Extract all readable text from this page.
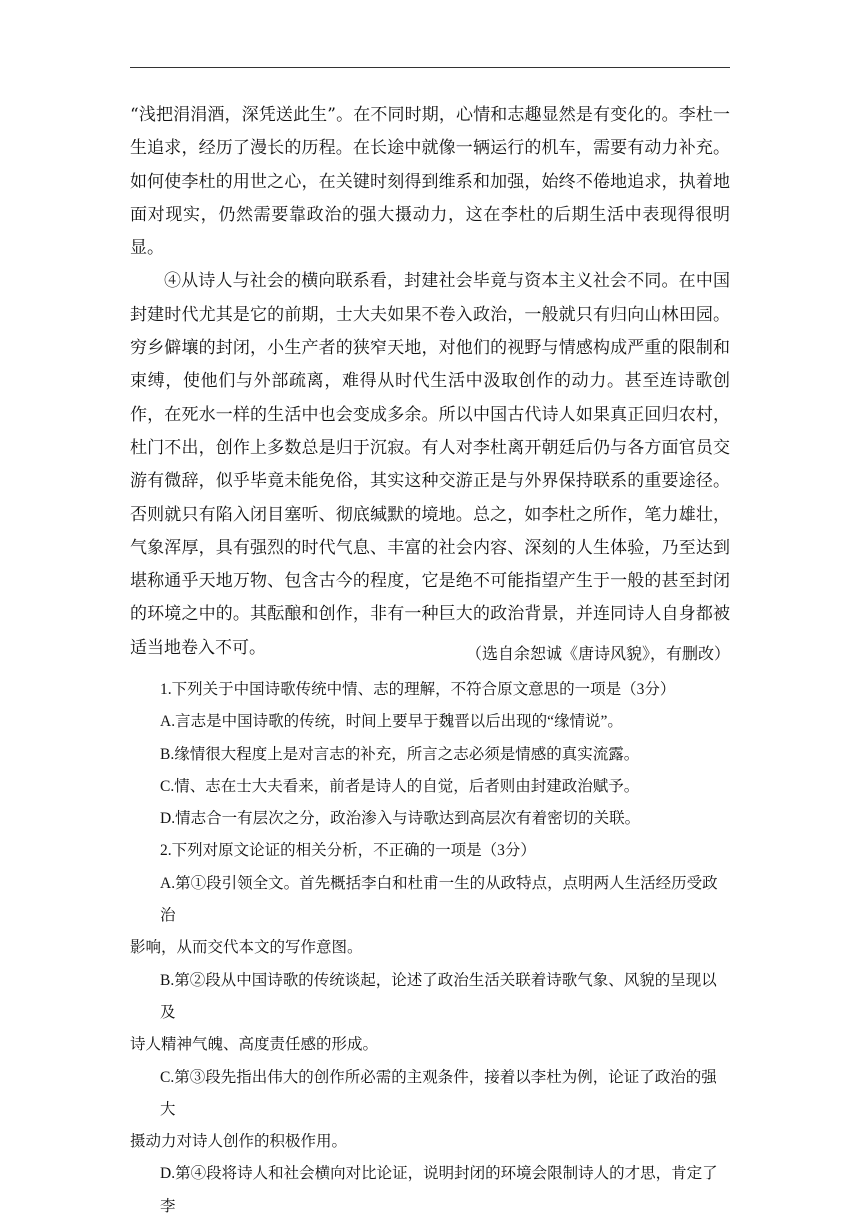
“浅把涓涓酒，深凭送此生”。在不同时期，心情和志趣显然是有变化的。李杜一生追求，经历了漫长的历程。在长途中就像一辆运行的机车，需要有动力补充。如何使李杜的用世之心，在关键时刻得到维系和加强，始终不倦地追求，执着地面对现实，仍然需要靠政治的强大摄动力，这在李杜的后期生活中表现得很明显。

④从诗人与社会的横向联系看，封建社会毕竟与资本主义社会不同。在中国封建时代尤其是它的前期，士大夫如果不卷入政治，一般就只有归向山林田园。穷乡僻壤的封闭，小生产者的狭窄天地，对他们的视野与情感构成严重的限制和束缚，使他们与外部疏离，难得从时代生活中汲取创作的动力。甚至连诗歌创作，在死水一样的生活中也会变成多余。所以中国古代诗人如果真正回归农村，杜门不出，创作上多数总是归于沉寂。有人对李杜离开朝廷后仍与各方面官员交游有微辞，似乎毕竟未能免俗，其实这种交游正是与外界保持联系的重要途径。否则就只有陷入闭目塞听、彻底缄默的境地。总之，如李杜之所作，笔力雄壮，气象浑厚，具有强烈的时代气息、丰富的社会内容、深刻的人生体验，乃至达到堪称通乎天地万物、包含古今的程度，它是绝不可能指望产生于一般的甚至封闭的环境之中的。其酝酿和创作，非有一种巨大的政治背景，并连同诗人自身都被适当地卷入不可。	（选自余恕诚《唐诗风貌》，有删改）

1.下列关于中国诗歌传统中情、志的理解，不符合原文意思的一项是（3分）

A.言志是中国诗歌的传统，时间上要早于魏晋以后出现的“缘情说”。

B.缘情很大程度上是对言志的补充，所言之志必须是情感的真实流露。

C.情、志在士大夫看来，前者是诗人的自觉，后者则由封建政治赋予。

D.情志合一有层次之分，政治渗入与诗歌达到高层次有着密切的关联。

2.下列对原文论证的相关分析，不正确的一项是（3分）

A.第①段引领全文。首先概括李白和杜甫一生的从政特点，点明两人生活经历受政治

影响，从而交代本文的写作意图。

B.第②段从中国诗歌的传统谈起，论述了政治生活关联着诗歌气象、风貌的呈现以及

诗人精神气魄、高度责任感的形成。

C.第③段先指出伟大的创作所必需的主观条件，接着以李杜为例，论证了政治的强大

摄动力对诗人创作的积极作用。

D.第④段将诗人和社会横向对比论证，说明封闭的环境会限制诗人的才思，肯定了李
